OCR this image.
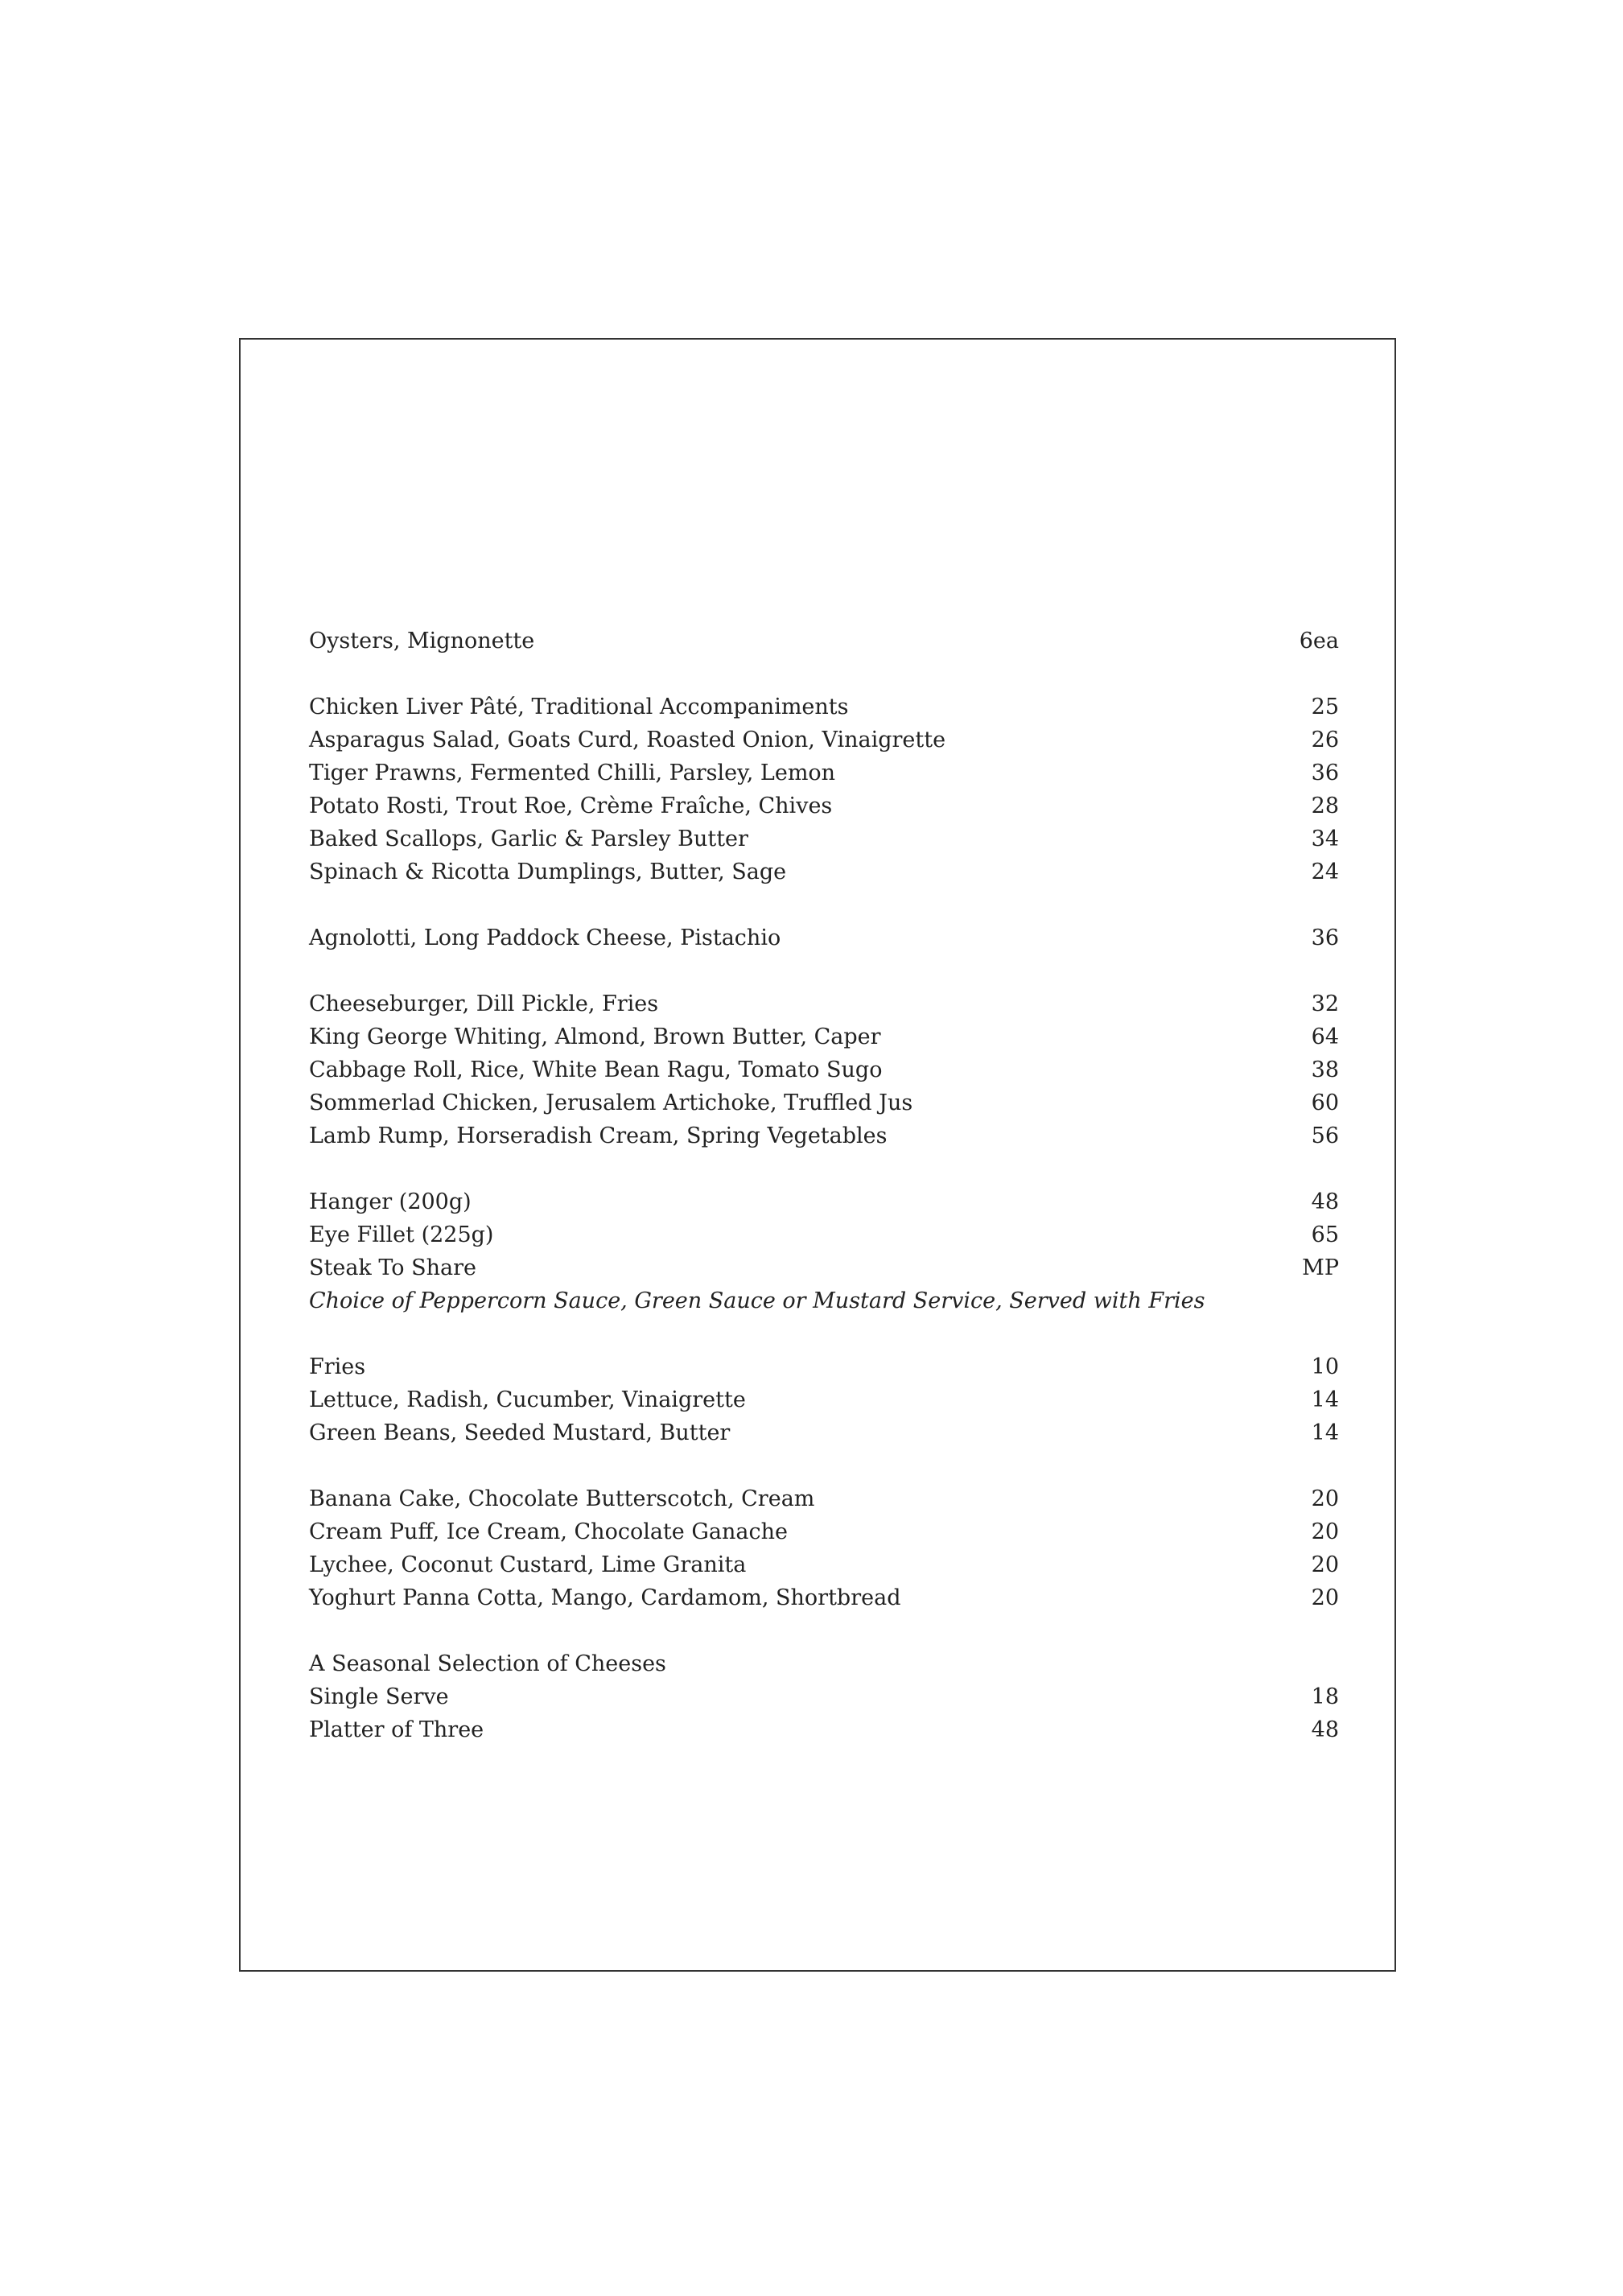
Oysters, Mignonette	6ea
Chicken Liver Pâté, Traditional Accompaniments	25
Asparagus Salad, Goats Curd, Roasted Onion, Vinaigrette	26
Tiger Prawns, Fermented Chilli, Parsley, Lemon	36
Potato Rosti, Trout Roe, Crème Fraîche, Chives	28
Baked Scallops, Garlic & Parsley Butter	34
Spinach & Ricotta Dumplings, Butter, Sage	24
Agnolotti, Long Paddock Cheese, Pistachio	36
Cheeseburger, Dill Pickle, Fries	32
King George Whiting, Almond, Brown Butter, Caper	64
Cabbage Roll, Rice, White Bean Ragu, Tomato Sugo	38
Sommerlad Chicken, Jerusalem Artichoke, Truffled Jus	60
Lamb Rump, Horseradish Cream, Spring Vegetables	56
Hanger (200g)	48
Eye Fillet (225g)	65
Steak To Share	MP
Choice of Peppercorn Sauce, Green Sauce or Mustard Service, Served with Fries
Fries	10
Lettuce, Radish, Cucumber, Vinaigrette	14
Green Beans, Seeded Mustard, Butter	14
Banana Cake, Chocolate Butterscotch, Cream	20
Cream Puff, Ice Cream, Chocolate Ganache	20
Lychee, Coconut Custard, Lime Granita	20
Yoghurt Panna Cotta, Mango, Cardamom, Shortbread	20
A Seasonal Selection of Cheeses
Single Serve	18
Platter of Three	48
